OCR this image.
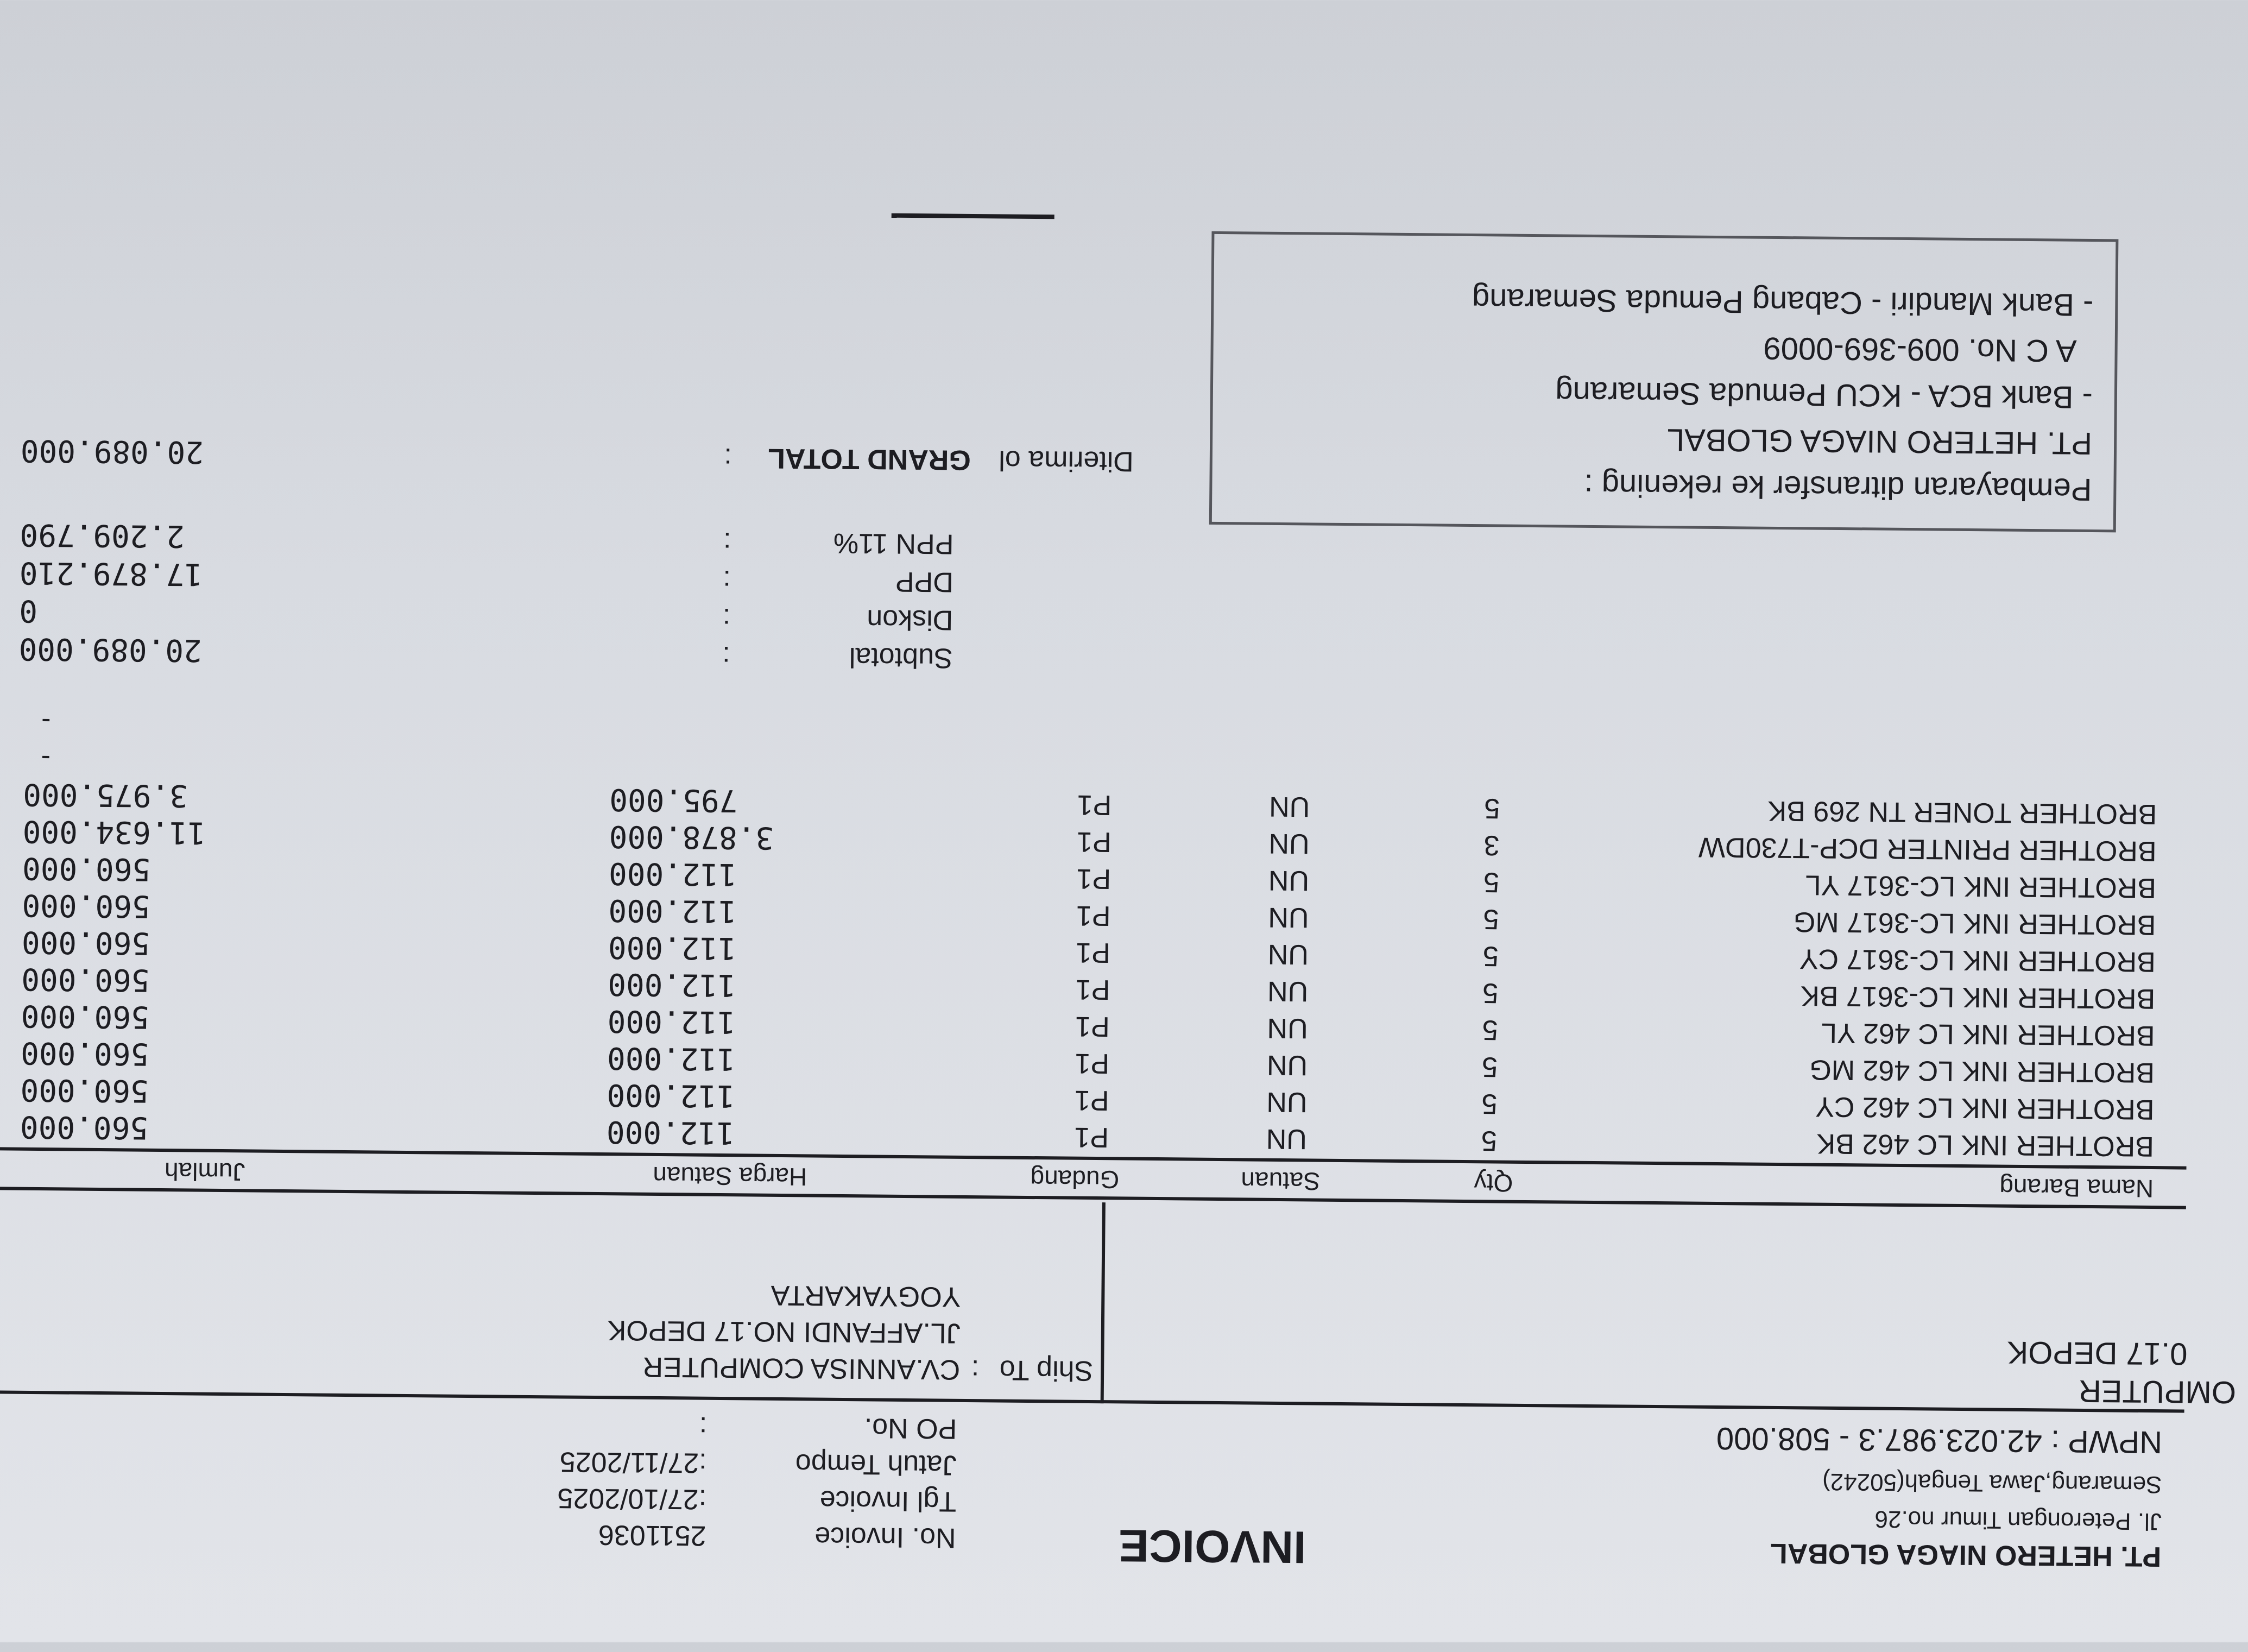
PT. HETERO NIAGA GLOBAL
Jl. Peterongan Timur no.26
Semarang,Jawa Tengah(50242)
NPWP : 42.023.987.3 - 508.000
INVOICE
No. Invoice
2511036
Tgl Invoice
:27/10/2025
Jatuh Tempo
:27/11/2025
PO No.
:
OMPUTER
0.17 DEPOK
Ship To
:
CV.ANNISA COMPUTER
JL.AFFANDI NO.17 DEPOK
YOGYAKARTA
Nama Barang
Qty
Satuan
Gudang
Harga Satuan
Jumlah
BROTHER INK LC 462 BK
5
UN
P1
112.000
560.000
BROTHER INK LC 462 CY
5
UN
P1
112.000
560.000
BROTHER INK LC 462 MG
5
UN
P1
112.000
560.000
BROTHER INK LC 462 YL
5
UN
P1
112.000
560.000
BROTHER INK LC-3617 BK
5
UN
P1
112.000
560.000
BROTHER INK LC-3617 CY
5
UN
P1
112.000
560.000
BROTHER INK LC-3617 MG
5
UN
P1
112.000
560.000
BROTHER INK LC-3617 YL
5
UN
P1
112.000
560.000
BROTHER PRINTER DCP-T730DW
3
UN
P1
3.878.000
11.634.000
BROTHER TONER TN 269 BK
5
UN
P1
795.000
3.975.000
-
-
Subtotal
:
20.089.000
Diskon
:
0
DPP
:
17.879.210
PPN 11%
:
2.209.790
Diterima ol
GRAND TOTAL
:
20.089.000
Pembayaran ditransfer ke rekening :
PT. HETERO NIAGA GLOBAL
- Bank BCA - KCU Pemuda Semarang
A C No. 009-369-0009
- Bank Mandiri - Cabang Pemuda Semarang
